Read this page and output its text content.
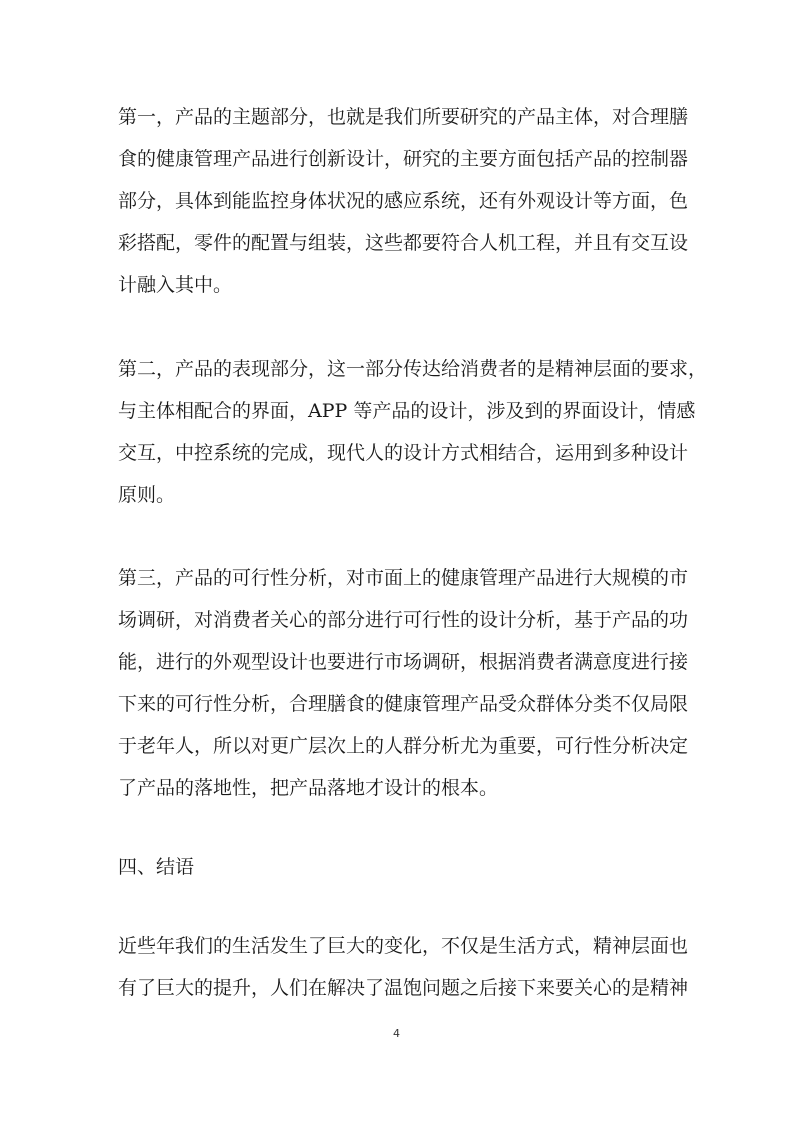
第一，产品的主题部分，也就是我们所要研究的产品主体，对合理膳
食的健康管理产品进行创新设计，研究的主要方面包括产品的控制器
部分，具体到能监控身体状况的感应系统，还有外观设计等方面，色
彩搭配，零件的配置与组装，这些都要符合人机工程，并且有交互设
计融入其中。
第二，产品的表现部分，这一部分传达给消费者的是精神层面的要求，
与主体相配合的界面，APP 等产品的设计，涉及到的界面设计，情感
交互，中控系统的完成，现代人的设计方式相结合，运用到多种设计
原则。
第三，产品的可行性分析，对市面上的健康管理产品进行大规模的市
场调研，对消费者关心的部分进行可行性的设计分析，基于产品的功
能，进行的外观型设计也要进行市场调研，根据消费者满意度进行接
下来的可行性分析，合理膳食的健康管理产品受众群体分类不仅局限
于老年人，所以对更广层次上的人群分析尤为重要，可行性分析决定
了产品的落地性，把产品落地才设计的根本。
四、结语
近些年我们的生活发生了巨大的变化，不仅是生活方式，精神层面也
有了巨大的提升，人们在解决了温饱问题之后接下来要关心的是精神
4
